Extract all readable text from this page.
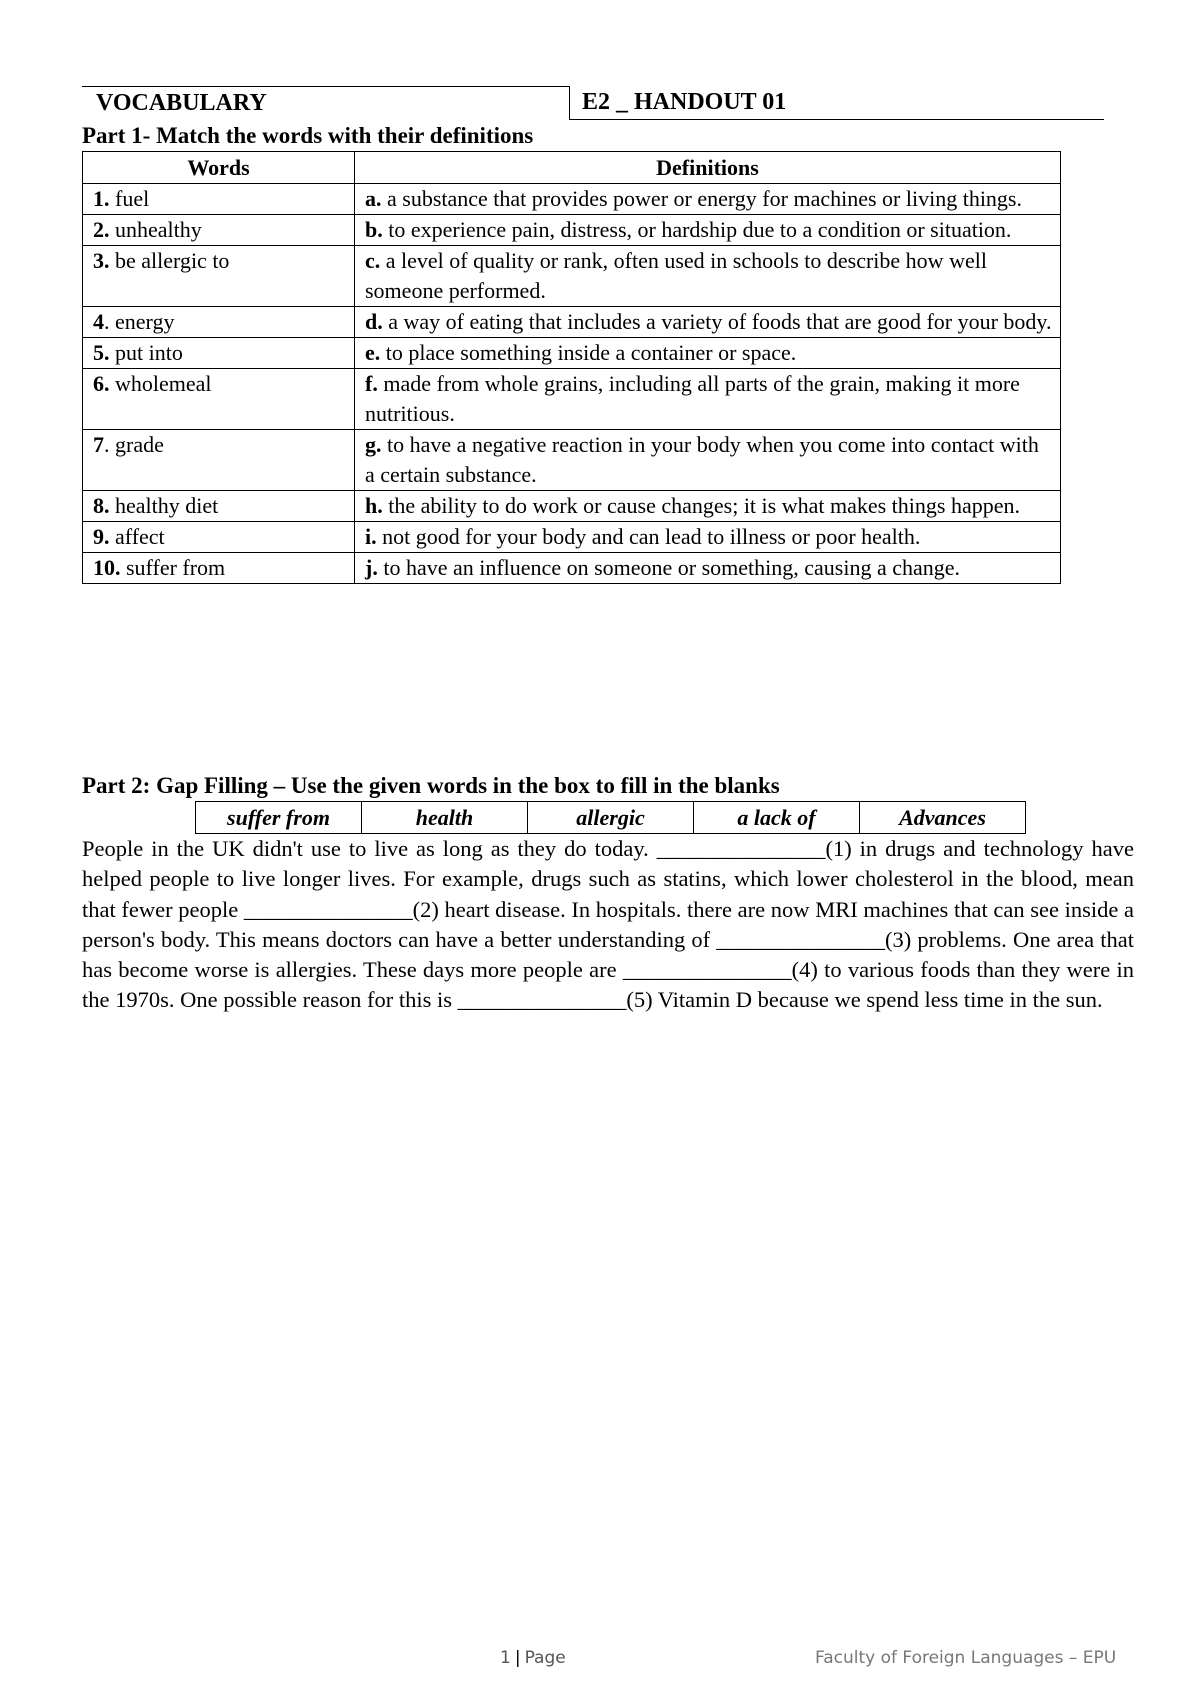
VOCABULARY	E2 _ HANDOUT 01
Part 1- Match the words with their definitions
Words	Definitions
1. fuel	a. a substance that provides power or energy for machines or living things.
2. unhealthy	b. to experience pain, distress, or hardship due to a condition or situation.
3. be allergic to	c. a level of quality or rank, often used in schools to describe how well someone performed.
4. energy	d. a way of eating that includes a variety of foods that are good for your body.
5. put into	e. to place something inside a container or space.
6. wholemeal	f. made from whole grains, including all parts of the grain, making it more nutritious.
7. grade	g. to have a negative reaction in your body when you come into contact with a certain substance.
8. healthy diet	h. the ability to do work or cause changes; it is what makes things happen.
9. affect	i. not good for your body and can lead to illness or poor health.
10. suffer from	j. to have an influence on someone or something, causing a change.
Part 2: Gap Filling – Use the given words in the box to fill in the blanks
suffer from	health	allergic	a lack of	Advances
People in the UK didn't use to live as long as they do today. _______________(1) in drugs and technology have helped people to live longer lives. For example, drugs such as statins, which lower cholesterol in the blood, mean that fewer people _______________(2) heart disease. In hospitals. there are now MRI machines that can see inside a person's body. This means doctors can have a better understanding of _______________(3) problems. One area that has become worse is allergies. These days more people are _______________(4) to various foods than they were in the 1970s. One possible reason for this is _______________(5) Vitamin D because we spend less time in the sun.
1 | Page	Faculty of Foreign Languages – EPU
